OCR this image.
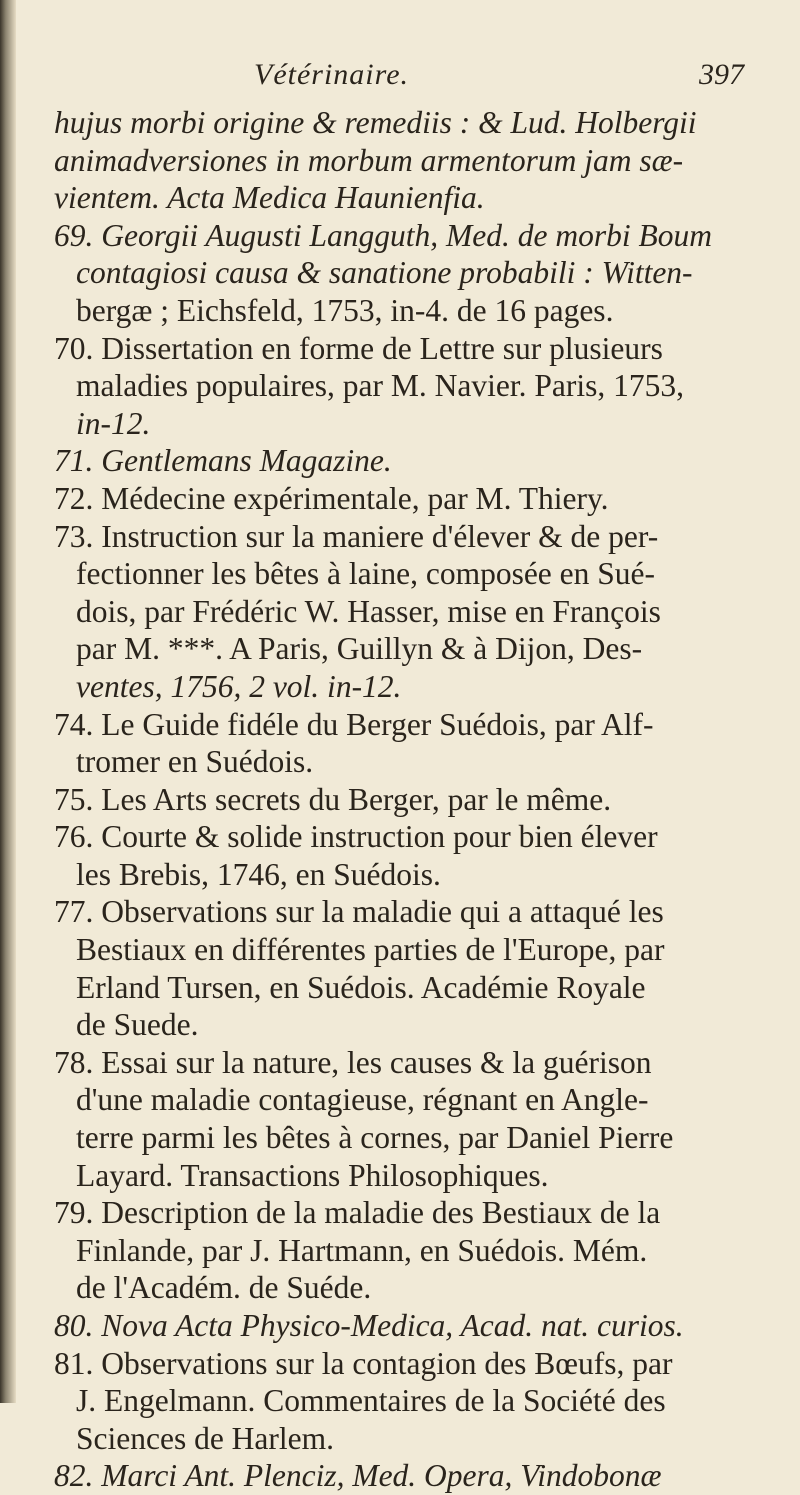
Vétérinaire.	397
hujus morbi origine & remediis : & Lud. Holbergii
animadversiones in morbum armentorum jam sæ-
vientem. Acta Medica Haunienfia.
69. Georgii Augusti Langguth, Med. de morbi Boum
contagiosi causa & sanatione probabili : Witten-
bergæ ; Eichsfeld, 1753, in-4. de 16 pages.
70. Dissertation en forme de Lettre sur plusieurs
maladies populaires, par M. Navier. Paris, 1753,
in-12.
71. Gentlemans Magazine.
72. Médecine expérimentale, par M. Thiery.
73. Instruction sur la maniere d'élever & de per-
fectionner les bêtes à laine, composée en Sué-
dois, par Frédéric W. Hasser, mise en François
par M. ***. A Paris, Guillyn & à Dijon, Des-
ventes, 1756, 2 vol. in-12.
74. Le Guide fidéle du Berger Suédois, par Alf-
tromer en Suédois.
75. Les Arts secrets du Berger, par le même.
76. Courte & solide instruction pour bien élever
les Brebis, 1746, en Suédois.
77. Observations sur la maladie qui a attaqué les
Bestiaux en différentes parties de l'Europe, par
Erland Tursen, en Suédois. Académie Royale
de Suede.
78. Essai sur la nature, les causes & la guérison
d'une maladie contagieuse, régnant en Angle-
terre parmi les bêtes à cornes, par Daniel Pierre
Layard. Transactions Philosophiques.
79. Description de la maladie des Bestiaux de la
Finlande, par J. Hartmann, en Suédois. Mém.
de l'Académ. de Suéde.
80. Nova Acta Physico-Medica, Acad. nat. curios.
81. Observations sur la contagion des Bœufs, par
J. Engelmann. Commentaires de la Société des
Sciences de Harlem.
82. Marci Ant. Plenciz, Med. Opera, Vindobonæ
